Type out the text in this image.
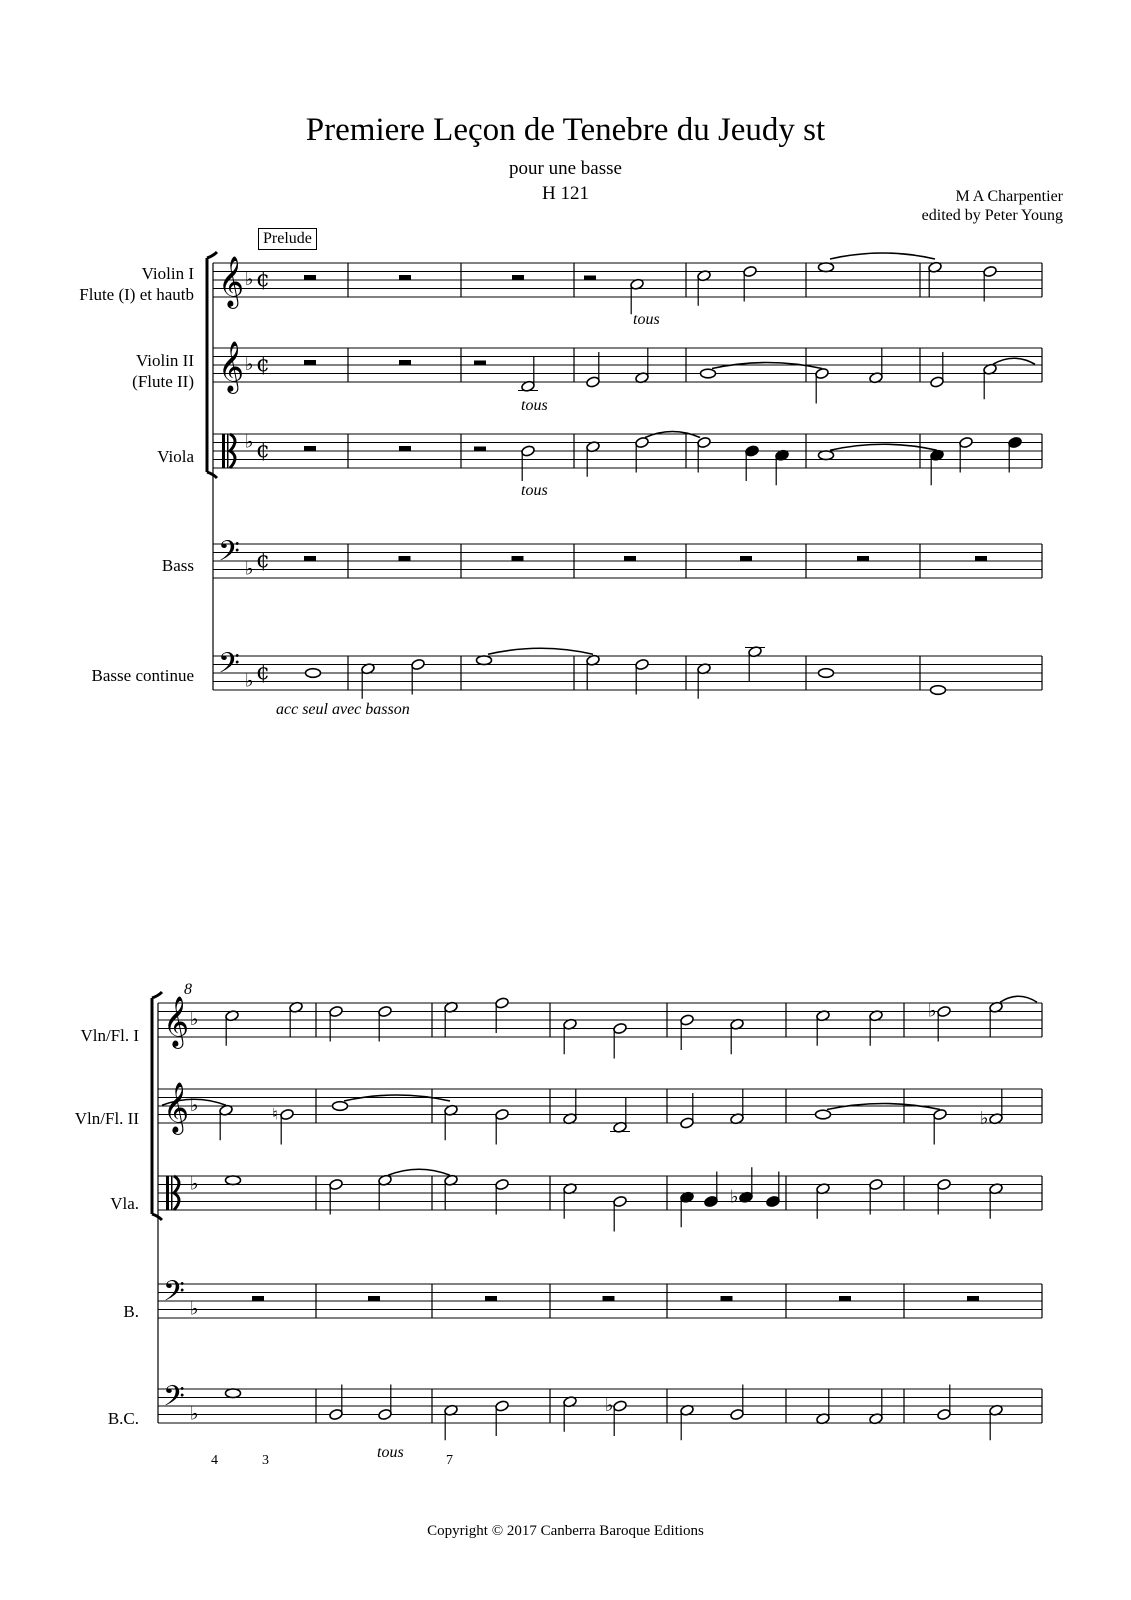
Premiere Leçon de Tenebre du Jeudy st
pour une basse
H 121	M A Charpentier
edited by Peter Young
Prelude
Violin I
Flute (I) et hautb
Violin II
(Flute II)
Viola
Bass
Basse continue
tous
tous
tous
acc seul avec basson
8
Vln/Fl. I
Vln/Fl. II
Vla.
B.
B.C.
tous
4	3	7
Copyright © 2017 Canberra Baroque Editions
𝄞 ♭ ¢
𝄞 ♭ ¢
♭ ¢
𝄢 ♭ ¢
𝄢 ♭ ¢
𝄞 ♭
𝄞 ♭
♭
𝄢 ♭
𝄢 ♭
♭
♮	♭
♭
♭
